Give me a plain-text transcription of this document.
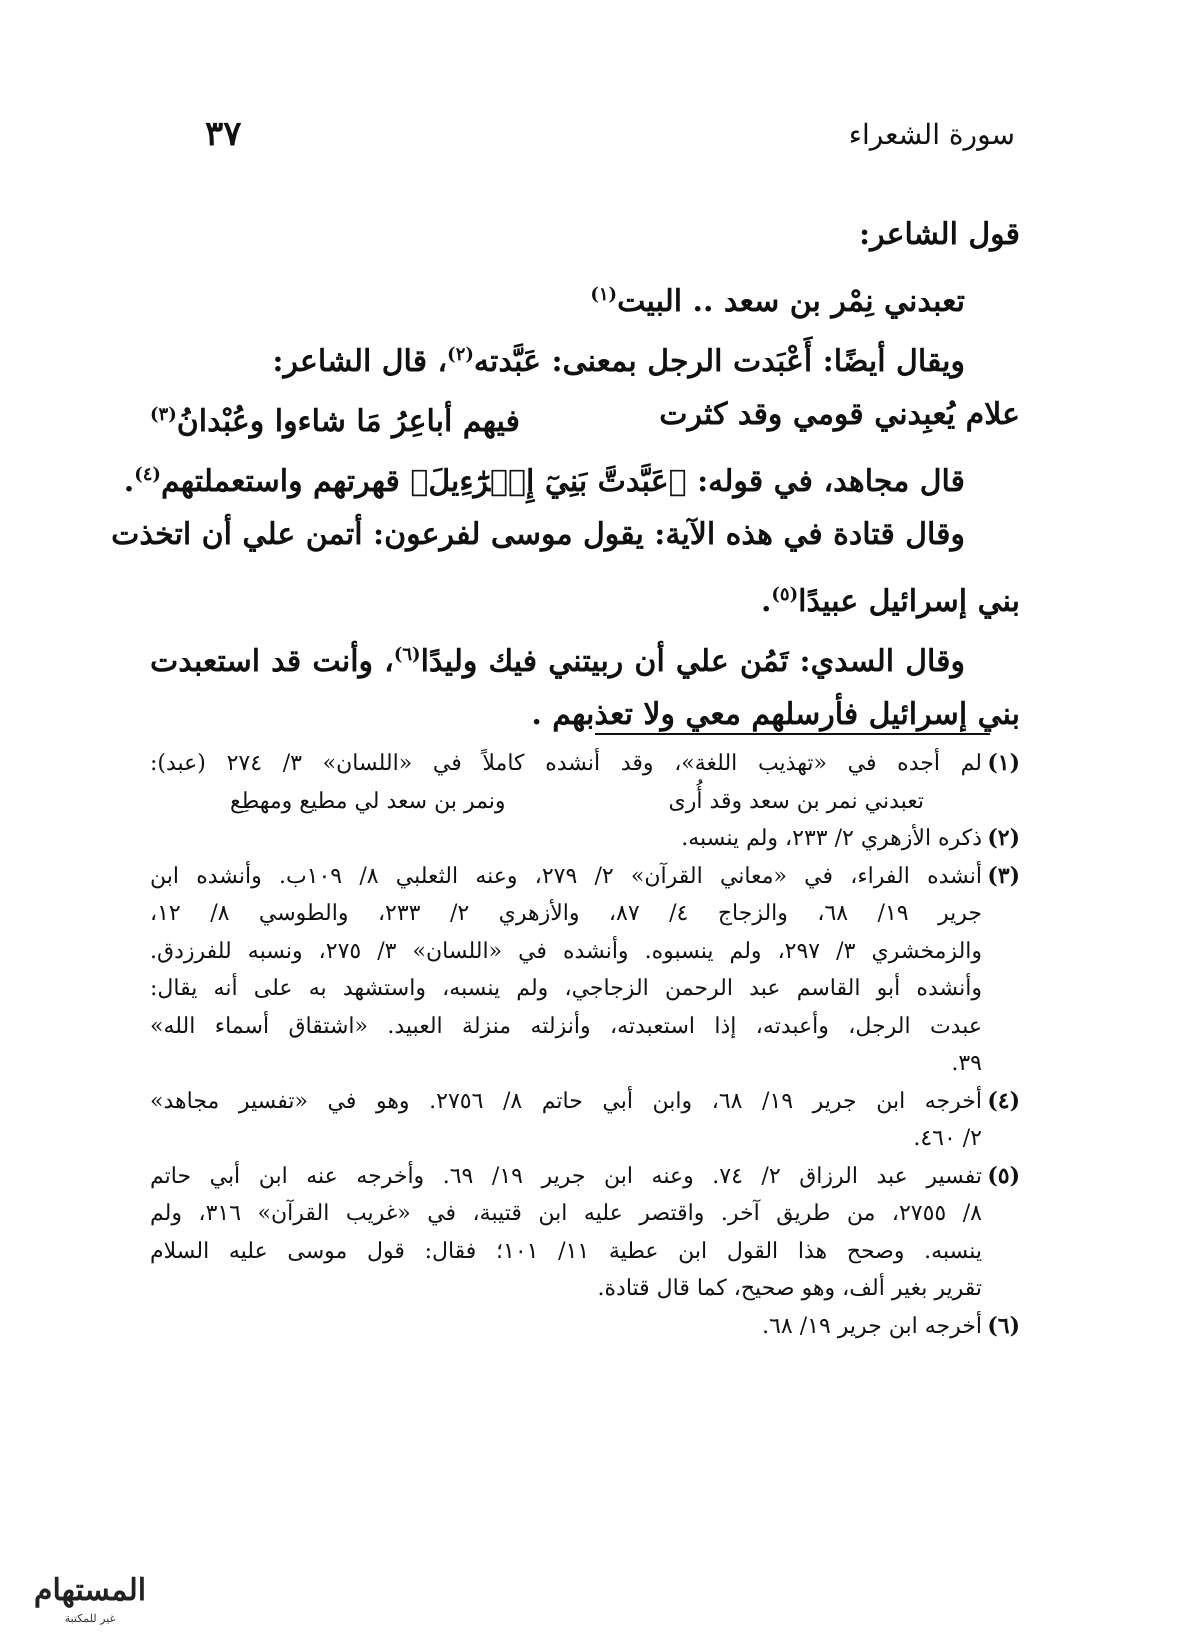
سورة الشعراء
٣٧
قول الشاعر:
تعبدني نِمْر بن سعد .. البيت$^{(١)}$
ويقال أيضًا: أَعْبَدت الرجل بمعنى: عَبَّدته$^{(٢)}$، قال الشاعر:
علام يُعبِدني قومي وقد كثرت
فيهم أباعِرُ مَا شاءوا وعُبْدانُ$^{(٣)}$
قال مجاهد، في قوله: ﴿عَبَّدتَّ بَنِيٓ إِسۡرَٰٓءِيلَ﴾ قهرتهم واستعملتهم$^{(٤)}$.
وقال قتادة في هذه الآية: يقول موسى لفرعون: أتمن علي أن اتخذت
بني إسرائيل عبيدًا$^{(٥)}$.
وقال السدي: تَمُن علي أن ربيتني فيك وليدًا$^{(٦)}$، وأنت قد استعبدت
بني إسرائيل فأرسلهم معي ولا تعذبهم .
(١)
لم أجده في «تهذيب اللغة»، وقد أنشده كاملاً في «اللسان» ٣/ ٢٧٤ (عبد):
تعبدني نمر بن سعد وقد أُرى
ونمر بن سعد لي مطيع ومهطِع
(٢)
ذكره الأزهري ٢/ ٢٣٣، ولم ينسبه.
(٣)
أنشده الفراء، في «معاني القرآن» ٢/ ٢٧٩، وعنه الثعلبي ٨/ ١٠٩ب. وأنشده ابن
جرير ١٩/ ٦٨، والزجاج ٤/ ٨٧، والأزهري ٢/ ٢٣٣، والطوسي ٨/ ١٢،
والزمخشري ٣/ ٢٩٧، ولم ينسبوه. وأنشده في «اللسان» ٣/ ٢٧٥، ونسبه للفرزدق.
وأنشده أبو القاسم عبد الرحمن الزجاجي، ولم ينسبه، واستشهد به على أنه يقال:
عبدت الرجل، وأعبدته، إذا استعبدته، وأنزلته منزلة العبيد. «اشتقاق أسماء الله»
٣٩.
(٤)
أخرجه ابن جرير ١٩/ ٦٨، وابن أبي حاتم ٨/ ٢٧٥٦. وهو في «تفسير مجاهد»
٢/ ٤٦٠.
(٥)
تفسير عبد الرزاق ٢/ ٧٤. وعنه ابن جرير ١٩/ ٦٩. وأخرجه عنه ابن أبي حاتم
٨/ ٢٧٥٥، من طريق آخر. واقتصر عليه ابن قتيبة، في «غريب القرآن» ٣١٦، ولم
ينسبه. وصحح هذا القول ابن عطية ١١/ ١٠١؛ فقال: قول موسى عليه السلام
تقرير بغير ألف، وهو صحيح، كما قال قتادة.
(٦)
أخرجه ابن جرير ١٩/ ٦٨.
المستهام
غير للمكتبة
